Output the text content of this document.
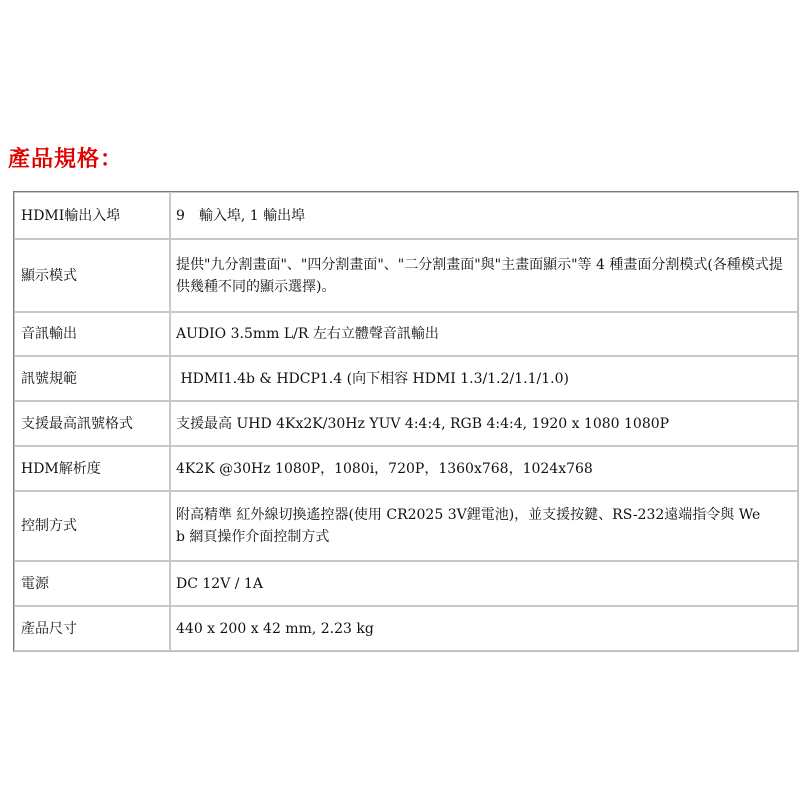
產品規格：
HDMI輸出入埠	9　輸入埠, 1 輸出埠
顯示模式	提供"九分割畫面"、"四分割畫面"、"二分割畫面"與"主畫面顯示"等 4 種畫面分割模式(各種模式提供幾種不同的顯示選擇)。
音訊輸出	AUDIO 3.5mm L/R 左右立體聲音訊輸出
訊號規範	HDMI1.4b & HDCP1.4 (向下相容 HDMI 1.3/1.2/1.1/1.0)
支援最高訊號格式	支援最高 UHD 4Kx2K/30Hz YUV 4:4:4, RGB 4:4:4, 1920 x 1080 1080P
HDM解析度	4K2K @30Hz 1080P，1080i，720P，1360x768，1024x768
控制方式	附高精準 紅外線切換遙控器(使用 CR2025 3V鋰電池)，並支援按鍵、RS-232遠端指令與 Web 網頁操作介面控制方式
電源	DC 12V / 1A
產品尺寸	440 x 200 x 42 mm, 2.23 kg
